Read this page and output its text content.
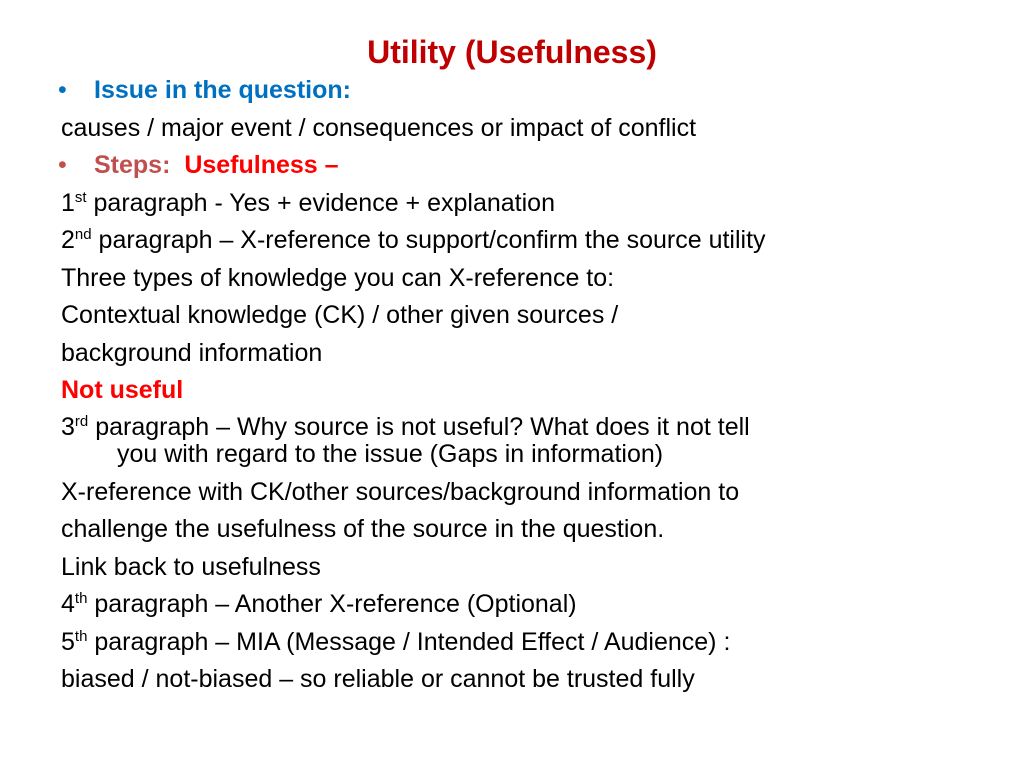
Utility (Usefulness)
• Issue in the question:
causes / major event / consequences or impact of conflict
• Steps: Usefulness –
1st paragraph - Yes + evidence + explanation
2nd paragraph – X-reference to support/confirm the source utility
Three types of knowledge you can X-reference to:
Contextual knowledge (CK) / other given sources /
background information
Not useful
3rd paragraph – Why source is not useful? What does it not tell
you with regard to the issue (Gaps in information)
X-reference with CK/other sources/background information to
challenge the usefulness of the source in the question.
Link back to usefulness
4th paragraph – Another X-reference (Optional)
5th paragraph – MIA (Message / Intended Effect / Audience) :
biased / not-biased – so reliable or cannot be trusted fully
